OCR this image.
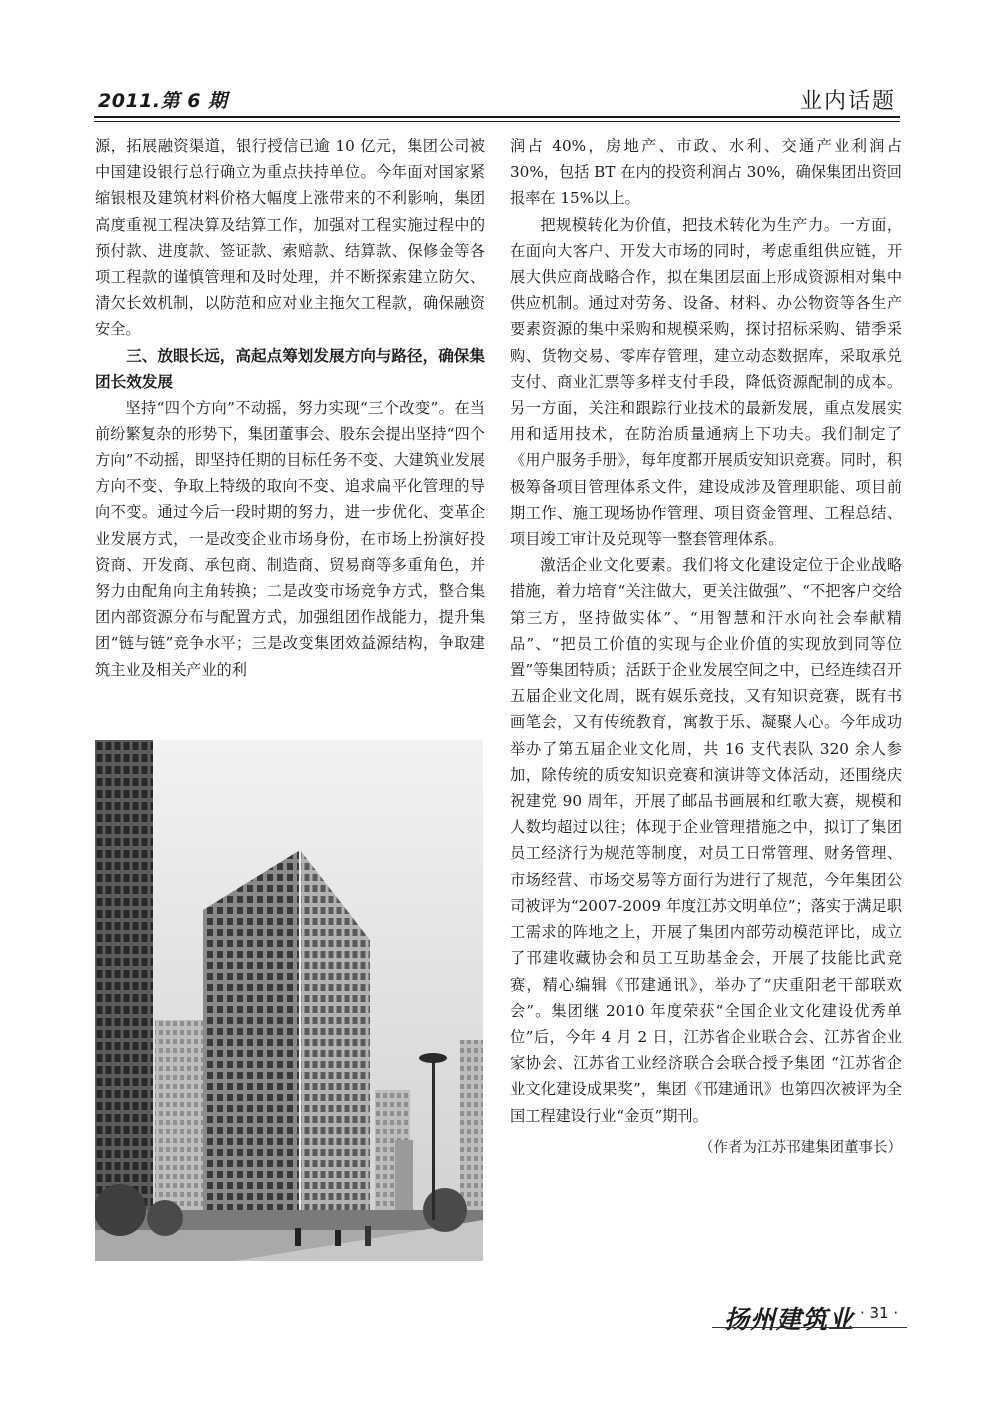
2011.第 6 期	业内话题

源，拓展融资渠道，银行授信已逾 10 亿元，集团公司被中国建设银行总行确立为重点扶持单位。今年面对国家紧缩银根及建筑材料价格大幅度上涨带来的不利影响，集团高度重视工程决算及结算工作，加强对工程实施过程中的预付款、进度款、签证款、索赔款、结算款、保修金等各项工程款的谨慎管理和及时处理，并不断探索建立防欠、清欠长效机制，以防范和应对业主拖欠工程款，确保融资安全。

三、放眼长远，高起点筹划发展方向与路径，确保集团长效发展

坚持“四个方向”不动摇，努力实现“三个改变”。在当前纷繁复杂的形势下，集团董事会、股东会提出坚持“四个方向”不动摇，即坚持任期的目标任务不变、大建筑业发展方向不变、争取上特级的取向不变、追求扁平化管理的导向不变。通过今后一段时期的努力，进一步优化、变革企业发展方式，一是改变企业市场身份，在市场上扮演好投资商、开发商、承包商、制造商、贸易商等多重角色，并努力由配角向主角转换；二是改变市场竞争方式，整合集团内部资源分布与配置方式，加强组团作战能力，提升集团“链与链”竞争水平；三是改变集团效益源结构，争取建筑主业及相关产业的利

润占 40%，房地产、市政、水利、交通产业利润占 30%，包括 BT 在内的投资利润占 30%，确保集团出资回报率在 15%以上。

把规模转化为价值，把技术转化为生产力。一方面，在面向大客户、开发大市场的同时，考虑重组供应链，开展大供应商战略合作，拟在集团层面上形成资源相对集中供应机制。通过对劳务、设备、材料、办公物资等各生产要素资源的集中采购和规模采购，探讨招标采购、错季采购、货物交易、零库存管理，建立动态数据库，采取承兑支付、商业汇票等多样支付手段，降低资源配制的成本。另一方面，关注和跟踪行业技术的最新发展，重点发展实用和适用技术，在防治质量通病上下功夫。我们制定了《用户服务手册》，每年度都开展质安知识竞赛。同时，积极筹备项目管理体系文件，建设成涉及管理职能、项目前期工作、施工现场协作管理、项目资金管理、工程总结、项目竣工审计及兑现等一整套管理体系。

激活企业文化要素。我们将文化建设定位于企业战略措施，着力培育“关注做大，更关注做强”、“不把客户交给第三方，坚持做实体”、“用智慧和汗水向社会奉献精品”、“把员工价值的实现与企业价值的实现放到同等位置”等集团特质；活跃于企业发展空间之中，已经连续召开五届企业文化周，既有娱乐竞技，又有知识竞赛，既有书画笔会，又有传统教育，寓教于乐、凝聚人心。今年成功举办了第五届企业文化周，共 16 支代表队 320 余人参加，除传统的质安知识竞赛和演讲等文体活动，还围绕庆祝建党 90 周年，开展了邮品书画展和红歌大赛，规模和人数均超过以往；体现于企业管理措施之中，拟订了集团员工经济行为规范等制度，对员工日常管理、财务管理、市场经营、市场交易等方面行为进行了规范，今年集团公司被评为“2007-2009 年度江苏文明单位”；落实于满足职工需求的阵地之上，开展了集团内部劳动模范评比，成立了邗建收藏协会和员工互助基金会，开展了技能比武竞赛，精心编辑《邗建通讯》，举办了“庆重阳老干部联欢会”。集团继 2010 年度荣获“全国企业文化建设优秀单位”后，今年 4 月 2 日，江苏省企业联合会、江苏省企业家协会、江苏省工业经济联合会联合授予集团 “江苏省企业文化建设成果奖”，集团《邗建通讯》也第四次被评为全国工程建设行业“金页”期刊。

（作者为江苏邗建集团董事长）

扬州建筑业 · 31 ·
